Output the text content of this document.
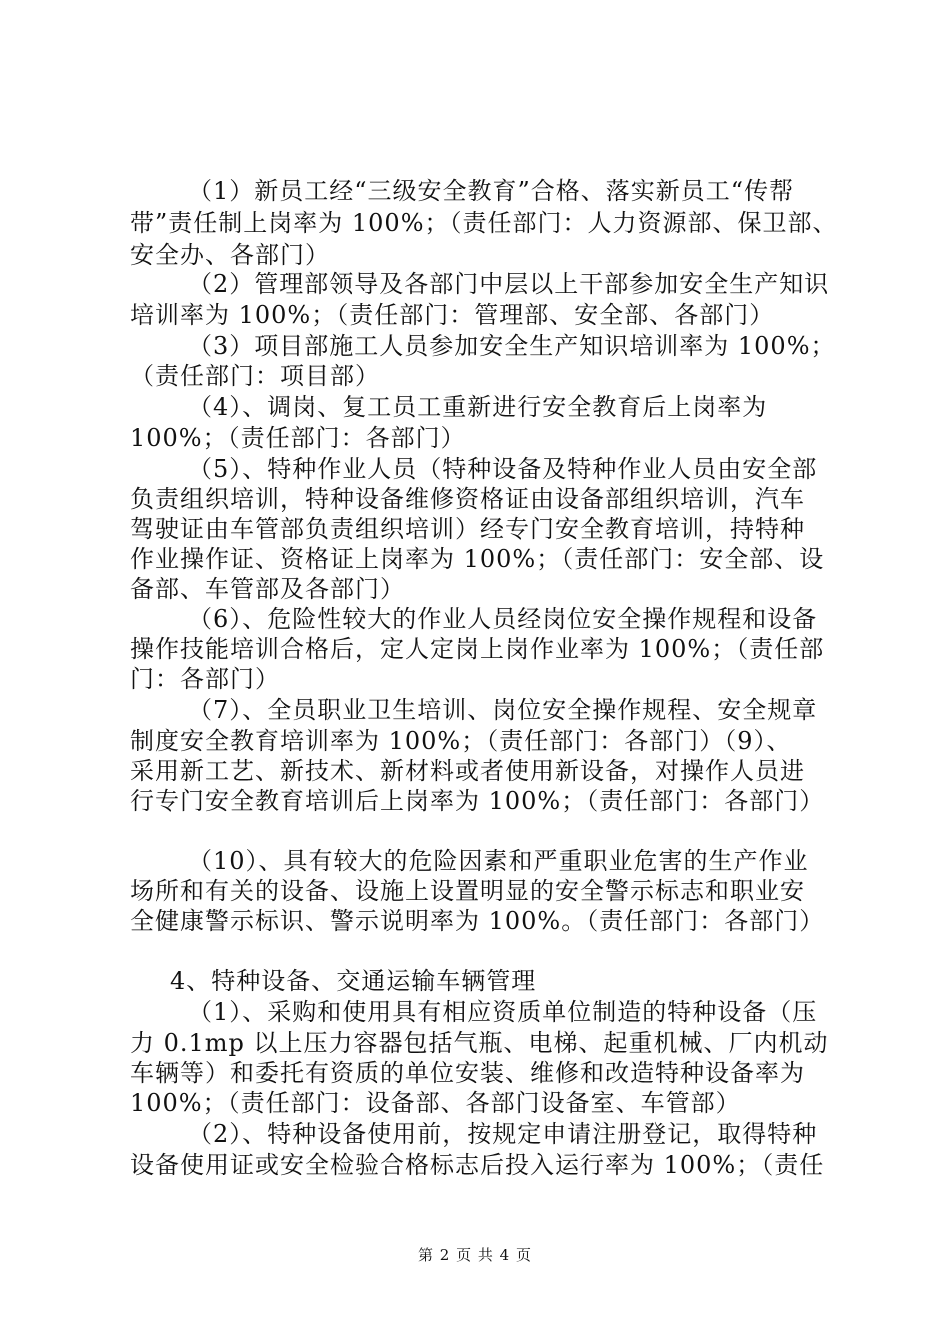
（1）新员工经“三级安全教育”合格、落实新员工“传帮
带”责任制上岗率为 100%；（责任部门：人力资源部、保卫部、
安全办、各部门）
（2）管理部领导及各部门中层以上干部参加安全生产知识
培训率为 100%；（责任部门：管理部、安全部、各部门）
（3）项目部施工人员参加安全生产知识培训率为 100%；
（责任部门：项目部）
（4）、调岗、复工员工重新进行安全教育后上岗率为
100%；（责任部门：各部门）
（5）、特种作业人员（特种设备及特种作业人员由安全部
负责组织培训，特种设备维修资格证由设备部组织培训，汽车
驾驶证由车管部负责组织培训）经专门安全教育培训，持特种
作业操作证、资格证上岗率为 100%；（责任部门：安全部、设
备部、车管部及各部门）
（6）、危险性较大的作业人员经岗位安全操作规程和设备
操作技能培训合格后，定人定岗上岗作业率为 100%；（责任部
门：各部门）
（7）、全员职业卫生培训、岗位安全操作规程、安全规章
制度安全教育培训率为 100%；（责任部门：各部门）（9）、
采用新工艺、新技术、新材料或者使用新设备，对操作人员进
行专门安全教育培训后上岗率为 100%；（责任部门：各部门）
（10）、具有较大的危险因素和严重职业危害的生产作业
场所和有关的设备、设施上设置明显的安全警示标志和职业安
全健康警示标识、警示说明率为 100%。（责任部门：各部门）
4、特种设备、交通运输车辆管理
（1）、采购和使用具有相应资质单位制造的特种设备（压
力 0.1mp 以上压力容器包括气瓶、电梯、起重机械、厂内机动
车辆等）和委托有资质的单位安装、维修和改造特种设备率为
100%；（责任部门：设备部、各部门设备室、车管部）
（2）、特种设备使用前，按规定申请注册登记，取得特种
设备使用证或安全检验合格标志后投入运行率为 100%；（责任
第 2 页 共 4 页
